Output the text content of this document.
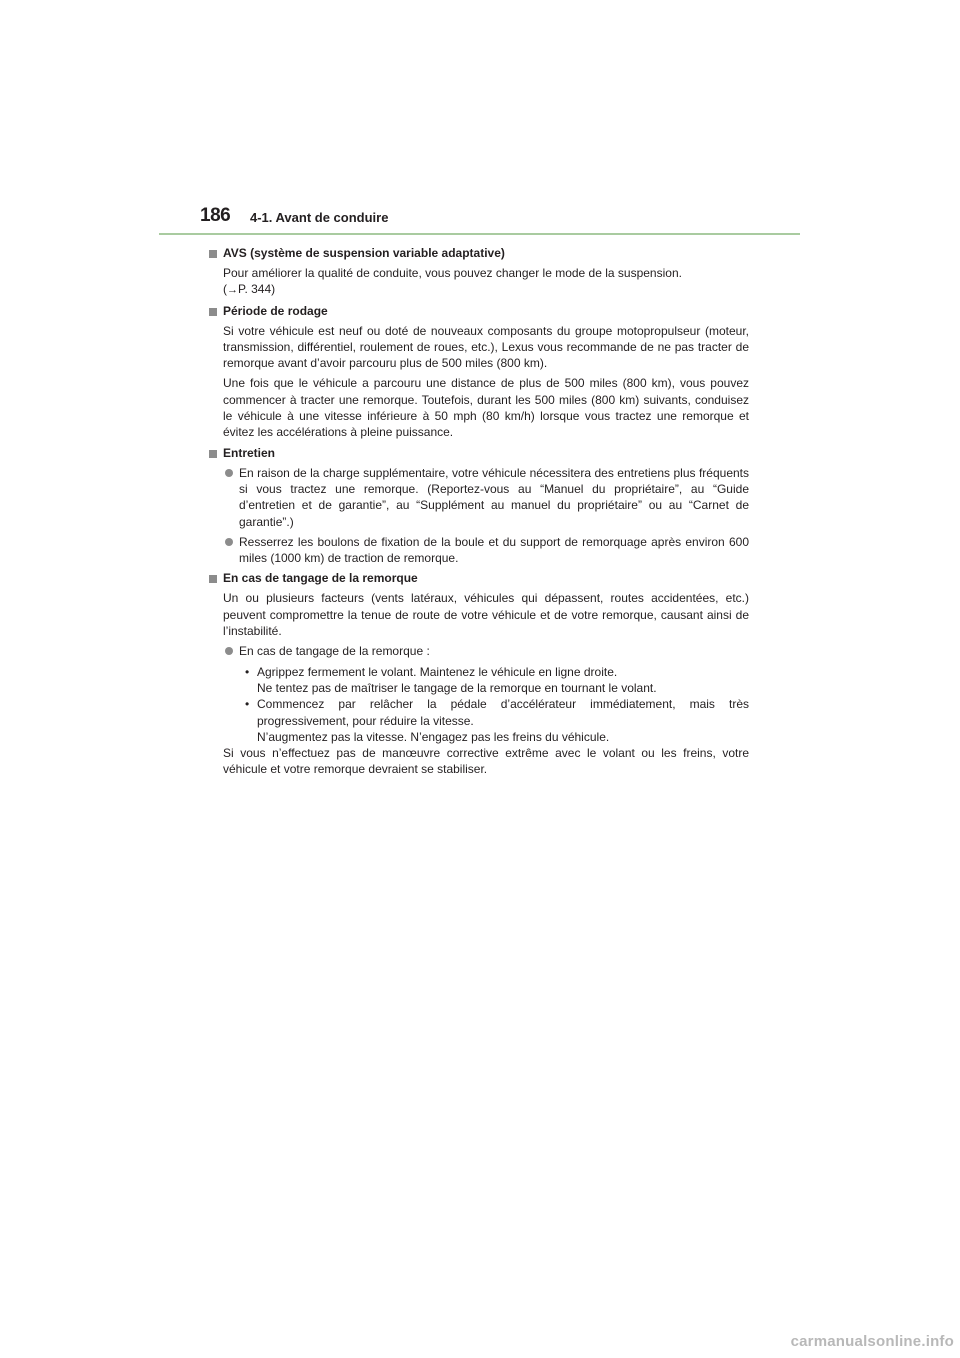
186 4-1. Avant de conduire
AVS (système de suspension variable adaptative)

Pour améliorer la qualité de conduite, vous pouvez changer le mode de la suspension.
(→P. 344)

Période de rodage

Si votre véhicule est neuf ou doté de nouveaux composants du groupe motopropulseur (moteur, transmission, différentiel, roulement de roues, etc.), Lexus vous recommande de ne pas tracter de remorque avant d’avoir parcouru plus de 500 miles (800 km).

Une fois que le véhicule a parcouru une distance de plus de 500 miles (800 km), vous pouvez commencer à tracter une remorque. Toutefois, durant les 500 miles (800 km) suivants, conduisez le véhicule à une vitesse inférieure à 50 mph (80 km/h) lorsque vous tractez une remorque et évitez les accélérations à pleine puissance.

Entretien
En raison de la charge supplémentaire, votre véhicule nécessitera des entretiens plus fréquents si vous tractez une remorque. (Reportez-vous au “Manuel du propriétaire”, au “Guide d’entretien et de garantie”, au “Supplément au manuel du propriétaire” ou au “Carnet de garantie”.)
Resserrez les boulons de fixation de la boule et du support de remorquage après environ 600 miles (1000 km) de traction de remorque.
En cas de tangage de la remorque

Un ou plusieurs facteurs (vents latéraux, véhicules qui dépassent, routes accidentées, etc.) peuvent compromettre la tenue de route de votre véhicule et de votre remorque, causant ainsi de l’instabilité.

En cas de tangage de la remorque :
• Agrippez fermement le volant. Maintenez le véhicule en ligne droite.
Ne tentez pas de maîtriser le tangage de la remorque en tournant le volant.
• Commencez par relâcher la pédale d’accélérateur immédiatement, mais très progressivement, pour réduire la vitesse.
N’augmentez pas la vitesse. N’engagez pas les freins du véhicule.

Si vous n’effectuez pas de manœuvre corrective extrême avec le volant ou les freins, votre véhicule et votre remorque devraient se stabiliser.

carmanualsonline.info
